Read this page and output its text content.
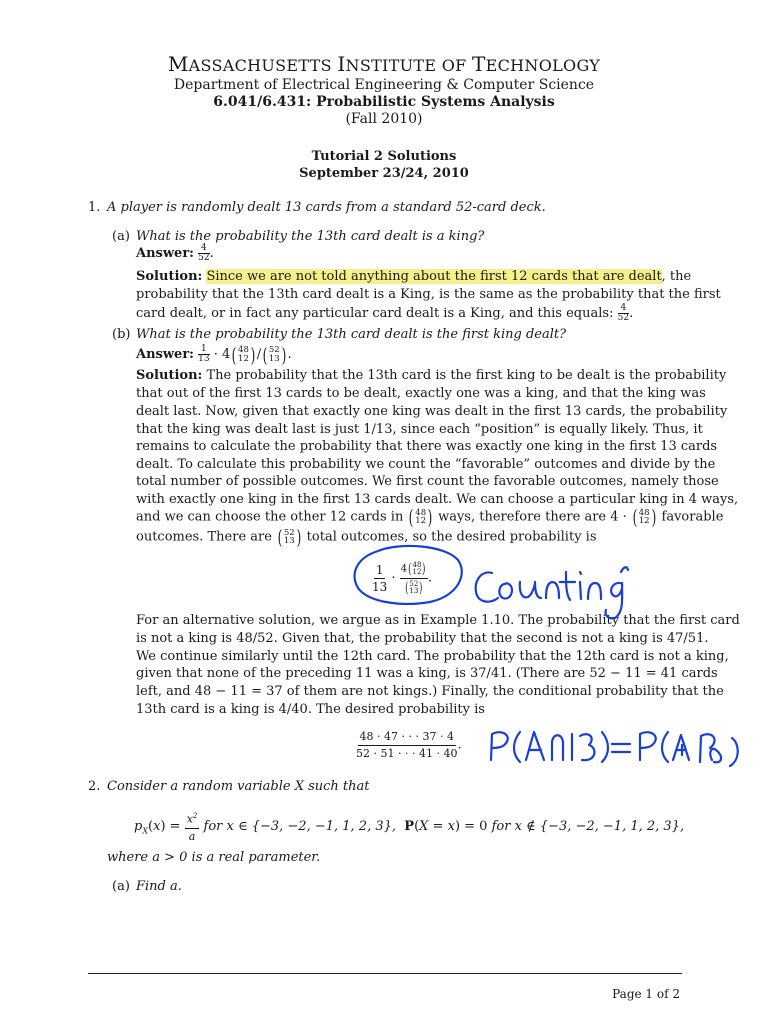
MASSACHUSETTS INSTITUTE OF TECHNOLOGY
Department of Electrical Engineering & Computer Science
6.041/6.431: Probabilistic Systems Analysis
(Fall 2010)
Tutorial 2 Solutions
September 23/24, 2010
1. A player is randomly dealt 13 cards from a standard 52-card deck.
(a) What is the probability the 13th card dealt is a king?
Answer: $\frac{4}{52}$ .
Solution: Since we are not told anything about the first 12 cards that are dealt, the
probability that the 13th card dealt is a King, is the same as the probability that the first
card dealt, or in fact any particular card dealt is a King, and this equals: $\frac{4}{52}$ .
(b) What is the probability the 13th card dealt is the first king dealt?
Answer: $\frac{1}{13} \cdot 4$ ( 48
12 ) / ( 52
13 ) .
Solution: The probability that the 13th card is the first king to be dealt is the probability
that out of the first 13 cards to be dealt, exactly one was a king, and that the king was
dealt last. Now, given that exactly one king was dealt in the first 13 cards, the probability
that the king was dealt last is just 1/13, since each “position” is equally likely. Thus, it
remains to calculate the probability that there was exactly one king in the first 13 cards
dealt. To calculate this probability we count the “favorable” outcomes and divide by the
total number of possible outcomes. We first count the favorable outcomes, namely those
with exactly one king in the first 13 cards dealt. We can choose a particular king in 4 ways,
and we can choose the other 12 cards in ( 48
12 ) ways, therefore there are 4 · ( 48
12 ) favorable
outcomes. There are ( 52
13 ) total outcomes, so the desired probability is
$\frac{1}{13} \cdot 4$ ( 48
12 )
( 52
13 ) .
For an alternative solution, we argue as in Example 1.10. The probability that the first card
is not a king is 48/52. Given that, the probability that the second is not a king is 47/51.
We continue similarly until the 12th card. The probability that the 12th card is not a king,
given that none of the preceding 11 was a king, is 37/41. (There are 52 − 11 = 41 cards
left, and 48 − 11 = 37 of them are not kings.) Finally, the conditional probability that the
13th card is a king is 4/40. The desired probability is
$\frac{48 \cdot 47 \cdot \cdot \cdot 37 \cdot 4}{52 \cdot 51 \cdot \cdot \cdot 41 \cdot 40}$ .
2. Consider a random variable X such that
$p_X(x) = \frac{x^2}{a}$ for x ∈ {−3, −2, −1, 1, 2, 3}, P(X = x) = 0 for x ∉ {−3, −2, −1, 1, 2, 3},
where a > 0 is a real parameter.
(a) Find a.
Page 1 of 2
